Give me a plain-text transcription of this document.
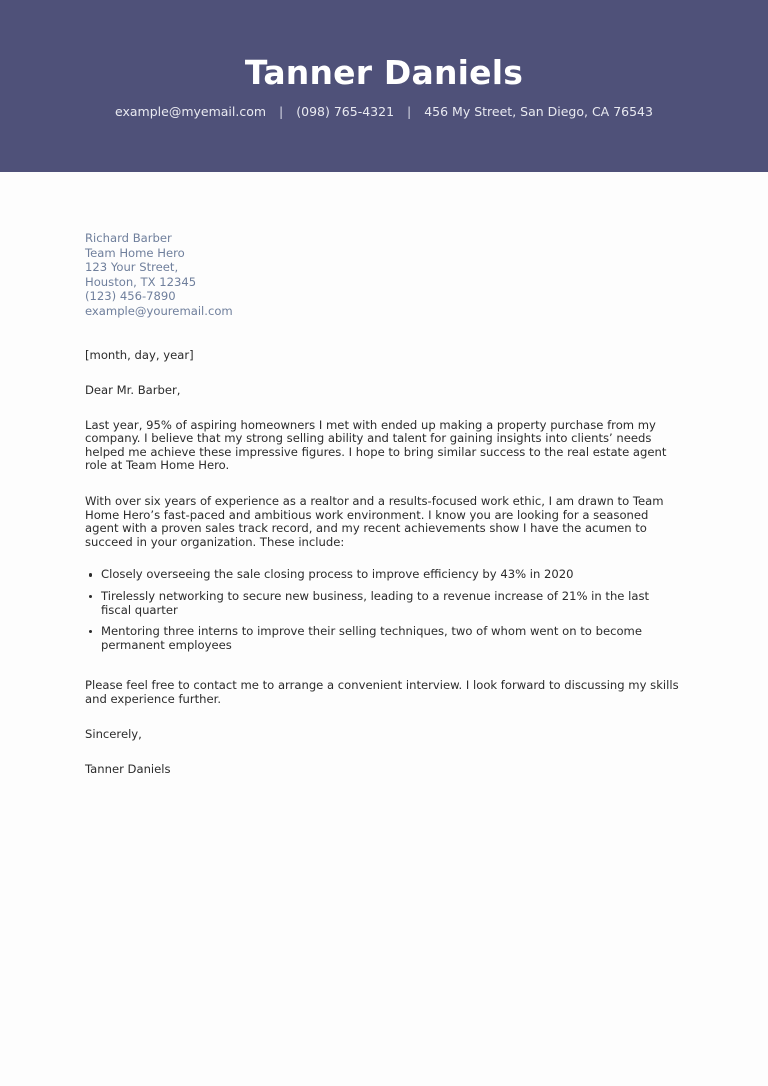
Tanner Daniels
example@myemail.com | (098) 765-4321 | 456 My Street, San Diego, CA 76543
Richard Barber
Team Home Hero
123 Your Street,
Houston, TX 12345
(123) 456-7890
example@youremail.com
[month, day, year]
Dear Mr. Barber,
Last year, 95% of aspiring homeowners I met with ended up making a property purchase from my company. I believe that my strong selling ability and talent for gaining insights into clients’ needs helped me achieve these impressive figures. I hope to bring similar success to the real estate agent role at Team Home Hero.
With over six years of experience as a realtor and a results-focused work ethic, I am drawn to Team Home Hero’s fast-paced and ambitious work environment. I know you are looking for a seasoned agent with a proven sales track record, and my recent achievements show I have the acumen to succeed in your organization. These include:
Closely overseeing the sale closing process to improve efficiency by 43% in 2020
Tirelessly networking to secure new business, leading to a revenue increase of 21% in the last fiscal quarter
Mentoring three interns to improve their selling techniques, two of whom went on to become permanent employees
Please feel free to contact me to arrange a convenient interview. I look forward to discussing my skills and experience further.
Sincerely,
Tanner Daniels
